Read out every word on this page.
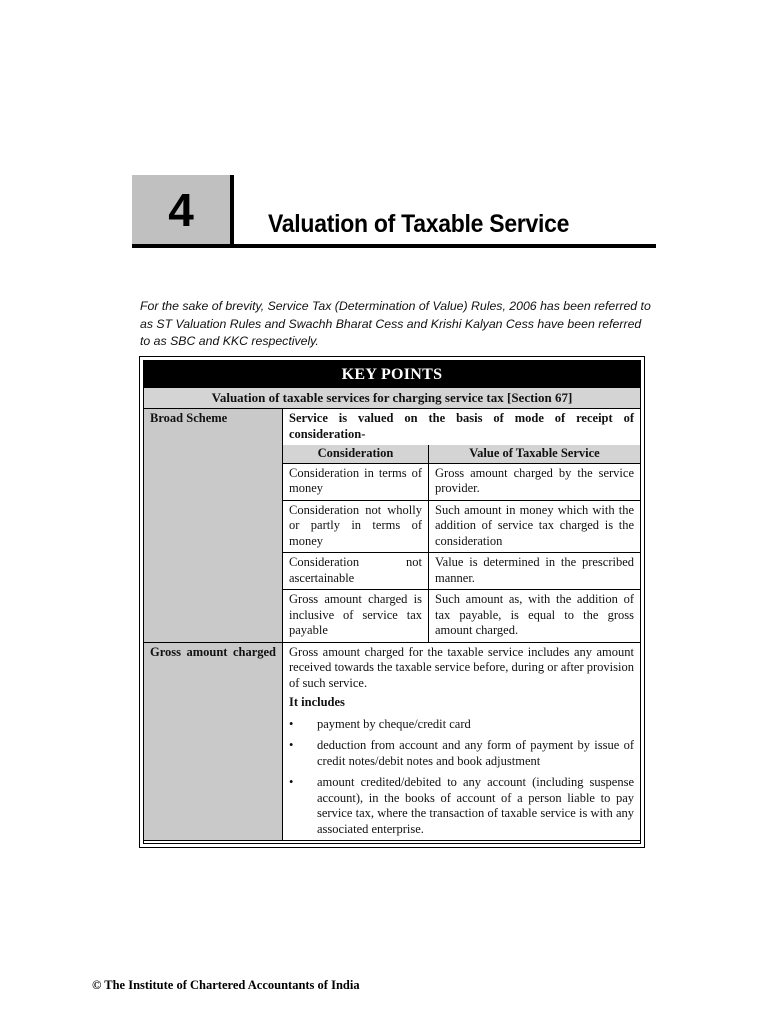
4	Valuation of Taxable Service
For the sake of brevity, Service Tax (Determination of Value) Rules, 2006 has been referred to as ST Valuation Rules and Swachh Bharat Cess and Krishi Kalyan Cess have been referred to as SBC and KKC respectively.
KEY POINTS
Valuation of taxable services for charging service tax [Section 67]
Broad Scheme	Service is valued on the basis of mode of receipt of consideration-
Consideration	Value of Taxable Service
Consideration in terms of money	Gross amount charged by the service provider.
Consideration not wholly or partly in terms of money	Such amount in money which with the addition of service tax charged is the consideration
Consideration not ascertainable	Value is determined in the prescribed manner.
Gross amount charged is inclusive of service tax payable	Such amount as, with the addition of tax payable, is equal to the gross amount charged.

Gross amount charged	Gross amount charged for the taxable service includes any amount received towards the taxable service before, during or after provision of such service.
It includes
•	payment by cheque/credit card
•	deduction from account and any form of payment by issue of credit notes/debit notes and book adjustment
•	amount credited/debited to any account (including suspense account), in the books of account of a person liable to pay service tax, where the transaction of taxable service is with any associated enterprise.
© The Institute of Chartered Accountants of India
